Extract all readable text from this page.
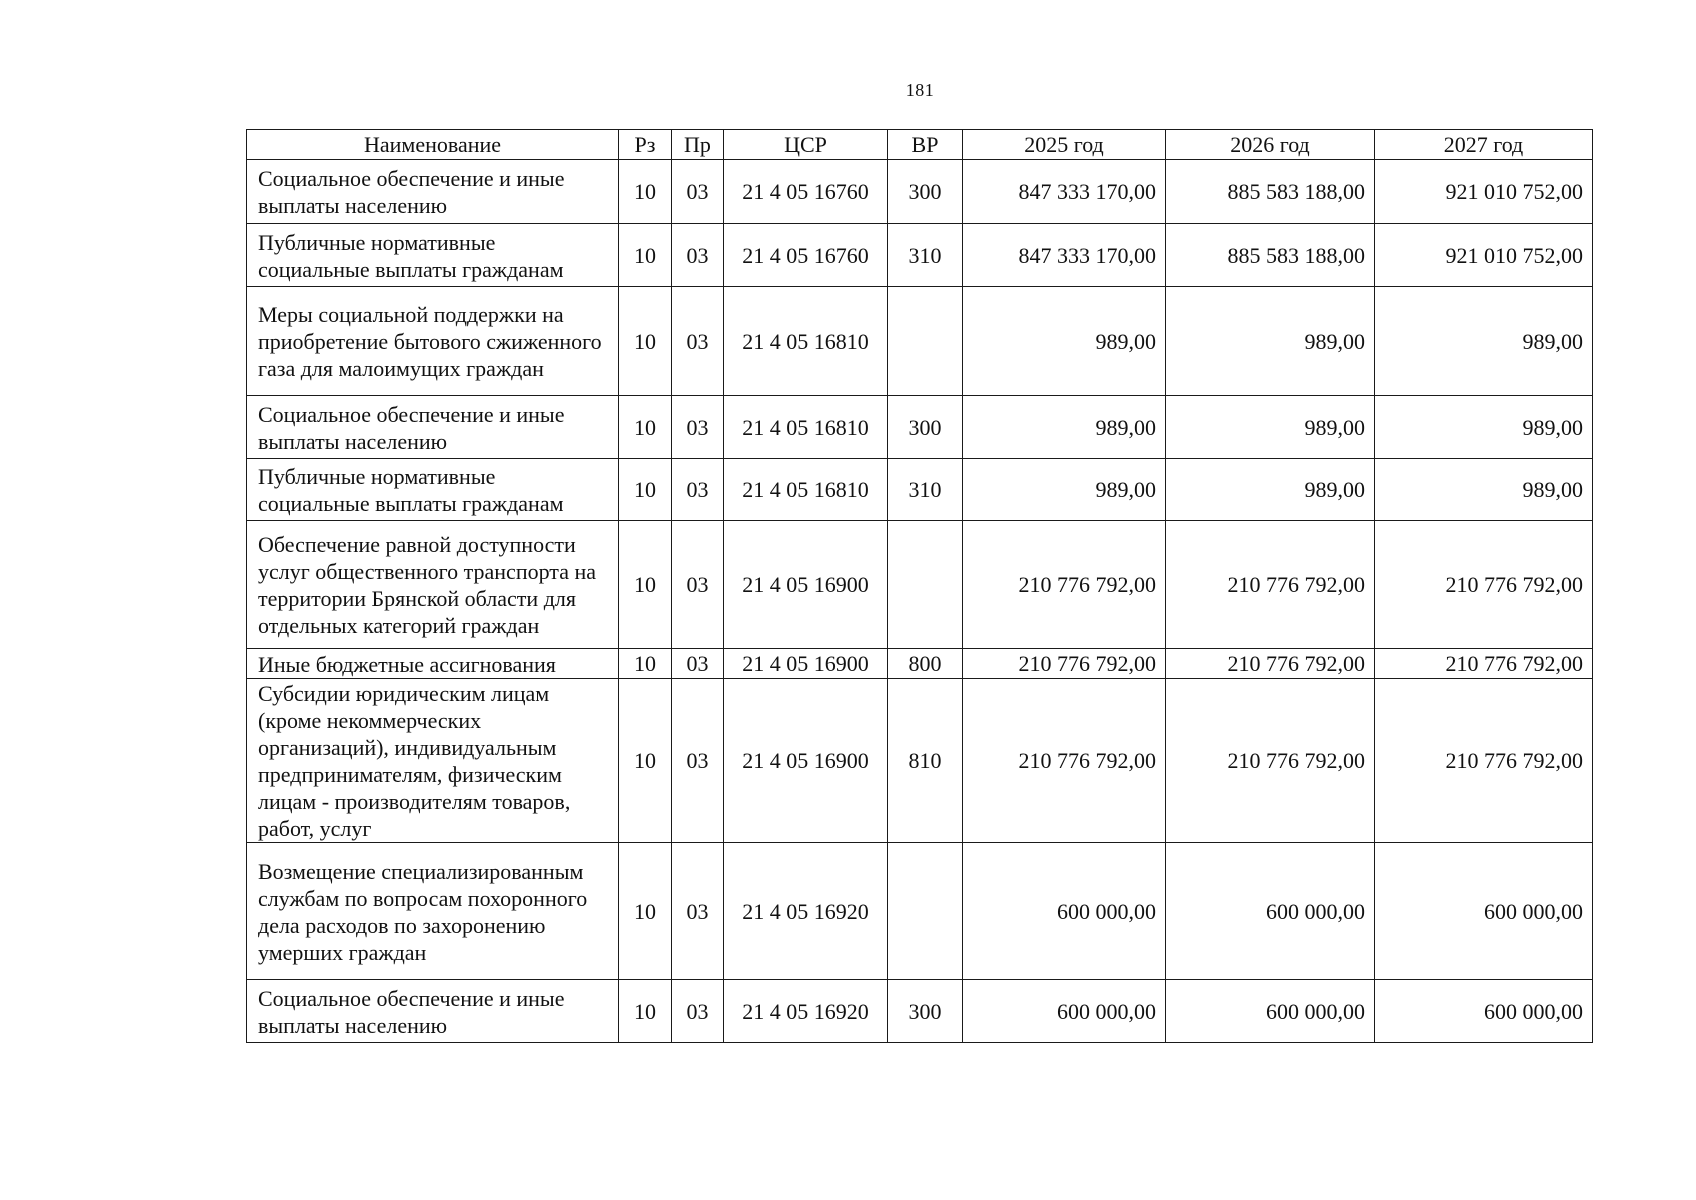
181
Наименование	Рз	Пр	ЦСР	ВР	2025 год	2026 год	2027 год
Социальное обеспечение и иные выплаты населению	10	03	21 4 05 16760	300	847 333 170,00	885 583 188,00	921 010 752,00
Публичные нормативные социальные выплаты гражданам	10	03	21 4 05 16760	310	847 333 170,00	885 583 188,00	921 010 752,00
Меры социальной поддержки на приобретение бытового сжиженного газа для малоимущих граждан	10	03	21 4 05 16810		989,00	989,00	989,00
Социальное обеспечение и иные выплаты населению	10	03	21 4 05 16810	300	989,00	989,00	989,00
Публичные нормативные социальные выплаты гражданам	10	03	21 4 05 16810	310	989,00	989,00	989,00
Обеспечение равной доступности услуг общественного транспорта на территории Брянской области для отдельных категорий граждан	10	03	21 4 05 16900		210 776 792,00	210 776 792,00	210 776 792,00
Иные бюджетные ассигнования	10	03	21 4 05 16900	800	210 776 792,00	210 776 792,00	210 776 792,00
Субсидии юридическим лицам (кроме некоммерческих организаций), индивидуальным предпринимателям, физическим лицам - производителям товаров, работ, услуг	10	03	21 4 05 16900	810	210 776 792,00	210 776 792,00	210 776 792,00
Возмещение специализированным службам по вопросам похоронного дела расходов по захоронению умерших граждан	10	03	21 4 05 16920		600 000,00	600 000,00	600 000,00
Социальное обеспечение и иные выплаты населению	10	03	21 4 05 16920	300	600 000,00	600 000,00	600 000,00
